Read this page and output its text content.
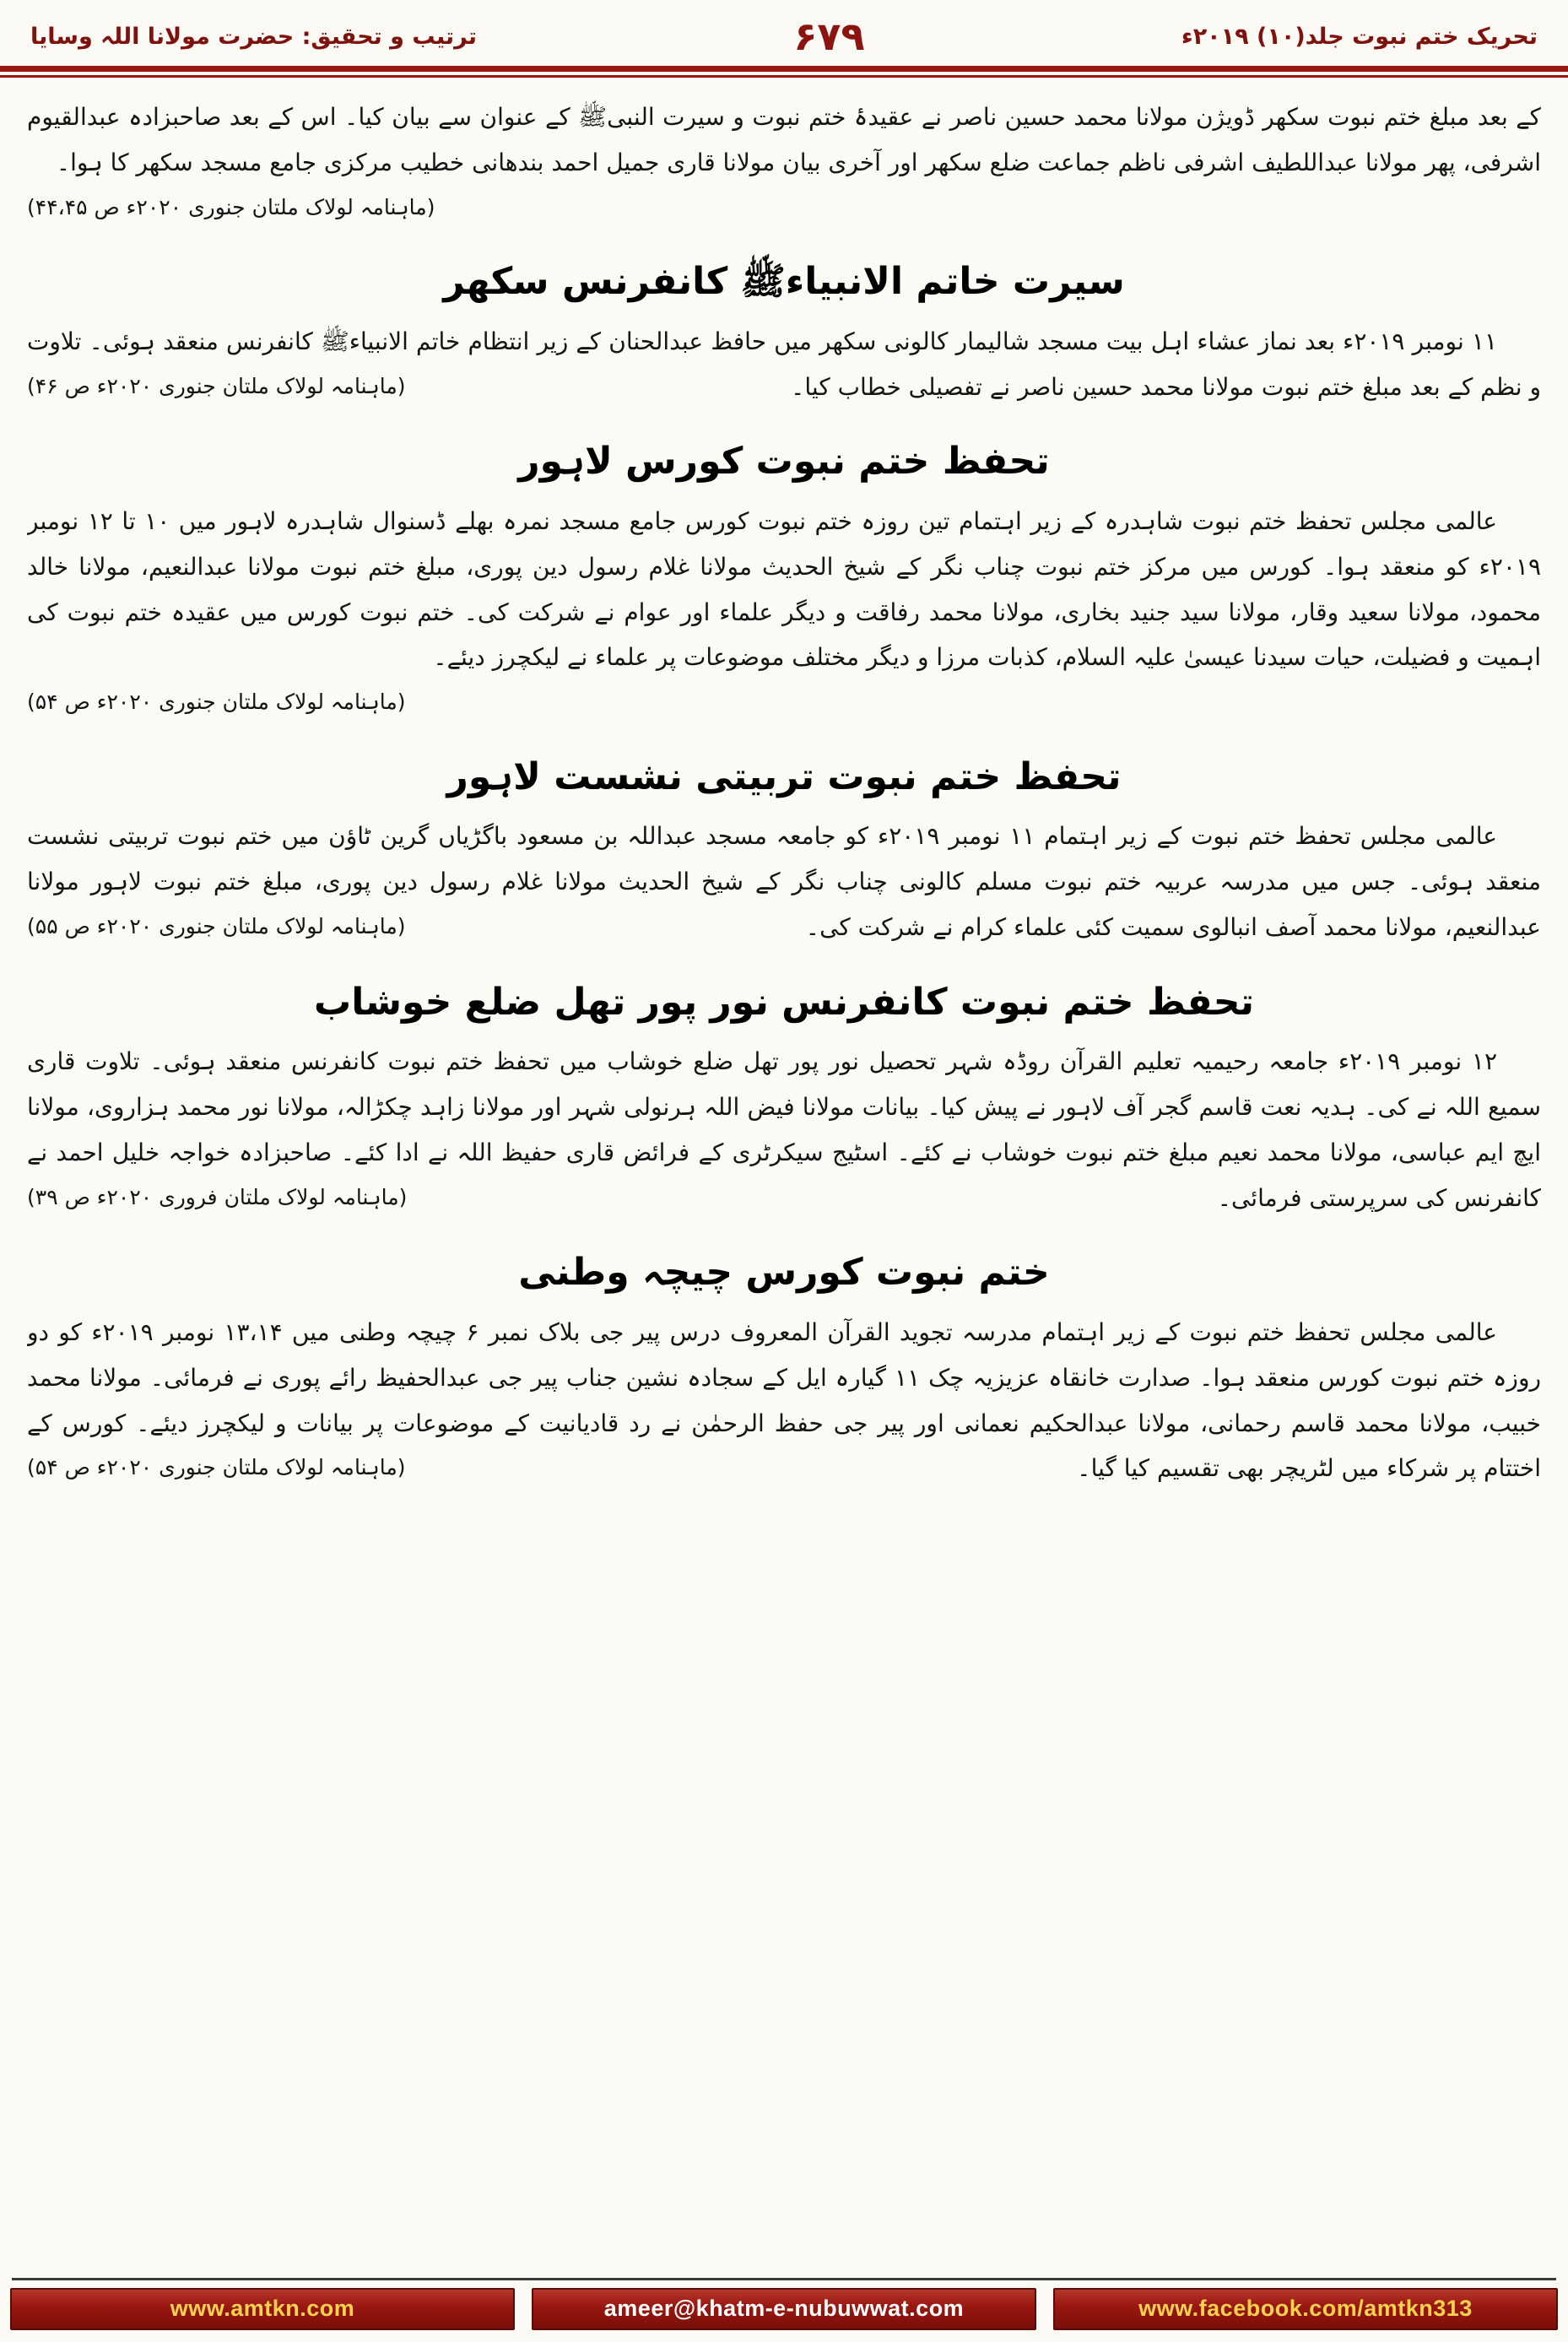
تحریک ختم نبوت جلد(۱۰) ۲۰۱۹ء
۶۷۹
ترتیب و تحقیق: حضرت مولانا اللہ وسایا
کے بعد مبلغ ختم نبوت سکھر ڈویژن مولانا محمد حسین ناصر نے عقیدۂ ختم نبوت و سیرت النبیﷺ کے عنوان سے بیان کیا۔ اس کے بعد صاحبزادہ عبدالقیوم اشرفی، پھر مولانا عبداللطیف اشرفی ناظم جماعت ضلع سکھر اور آخری بیان مولانا قاری جمیل احمد بندھانی خطیب مرکزی جامع مسجد سکھر کا ہوا۔
(ماہنامہ لولاک ملتان جنوری ۲۰۲۰ء ص ۴۴،۴۵)
سیرت خاتم الانبیاءﷺ کانفرنس سکھر
۱۱ نومبر ۲۰۱۹ء بعد نماز عشاء اہل بیت مسجد شالیمار کالونی سکھر میں حافظ عبدالحنان کے زیر انتظام خاتم الانبیاءﷺ کانفرنس منعقد ہوئی۔ تلاوت و نظم کے بعد مبلغ ختم نبوت مولانا محمد حسین ناصر نے تفصیلی خطاب کیا۔
(ماہنامہ لولاک ملتان جنوری ۲۰۲۰ء ص ۴۶)
تحفظ ختم نبوت کورس لاہور
عالمی مجلس تحفظ ختم نبوت شاہدرہ کے زیر اہتمام تین روزہ ختم نبوت کورس جامع مسجد نمرہ بھلے ڈسنوال شاہدرہ لاہور میں ۱۰ تا ۱۲ نومبر ۲۰۱۹ء کو منعقد ہوا۔ کورس میں مرکز ختم نبوت چناب نگر کے شیخ الحدیث مولانا غلام رسول دین پوری، مبلغ ختم نبوت مولانا عبدالنعیم، مولانا خالد محمود، مولانا سعید وقار، مولانا سید جنید بخاری، مولانا محمد رفاقت و دیگر علماء اور عوام نے شرکت کی۔ ختم نبوت کورس میں عقیدہ ختم نبوت کی اہمیت و فضیلت، حیات سیدنا عیسیٰ علیہ السلام، کذبات مرزا و دیگر مختلف موضوعات پر علماء نے لیکچرز دیئے۔
(ماہنامہ لولاک ملتان جنوری ۲۰۲۰ء ص ۵۴)
تحفظ ختم نبوت تربیتی نشست لاہور
عالمی مجلس تحفظ ختم نبوت کے زیر اہتمام ۱۱ نومبر ۲۰۱۹ء کو جامعہ مسجد عبداللہ بن مسعود باگڑیاں گرین ٹاؤن میں ختم نبوت تربیتی نشست منعقد ہوئی۔ جس میں مدرسہ عربیہ ختم نبوت مسلم کالونی چناب نگر کے شیخ الحدیث مولانا غلام رسول دین پوری، مبلغ ختم نبوت لاہور مولانا عبدالنعیم، مولانا محمد آصف انبالوی سمیت کئی علماء کرام نے شرکت کی۔
(ماہنامہ لولاک ملتان جنوری ۲۰۲۰ء ص ۵۵)
تحفظ ختم نبوت کانفرنس نور پور تھل ضلع خوشاب
۱۲ نومبر ۲۰۱۹ء جامعہ رحیمیہ تعلیم القرآن روڈہ شہر تحصیل نور پور تھل ضلع خوشاب میں تحفظ ختم نبوت کانفرنس منعقد ہوئی۔ تلاوت قاری سمیع اللہ نے کی۔ ہدیہ نعت قاسم گجر آف لاہور نے پیش کیا۔ بیانات مولانا فیض اللہ ہرنولی شہر اور مولانا زاہد چکڑالہ، مولانا نور محمد ہزاروی، مولانا ایچ ایم عباسی، مولانا محمد نعیم مبلغ ختم نبوت خوشاب نے کئے۔ اسٹیج سیکرٹری کے فرائض قاری حفیظ اللہ نے ادا کئے۔ صاحبزادہ خواجہ خلیل احمد نے کانفرنس کی سرپرستی فرمائی۔
(ماہنامہ لولاک ملتان فروری ۲۰۲۰ء ص ۳۹)
ختم نبوت کورس چیچہ وطنی
عالمی مجلس تحفظ ختم نبوت کے زیر اہتمام مدرسہ تجوید القرآن المعروف درس پیر جی بلاک نمبر ۶ چیچہ وطنی میں ۱۳،۱۴ نومبر ۲۰۱۹ء کو دو روزہ ختم نبوت کورس منعقد ہوا۔ صدارت خانقاہ عزیزیہ چک ۱۱ گیارہ ایل کے سجادہ نشین جناب پیر جی عبدالحفیظ رائے پوری نے فرمائی۔ مولانا محمد خبیب، مولانا محمد قاسم رحمانی، مولانا عبدالحکیم نعمانی اور پیر جی حفظ الرحمٰن نے رد قادیانیت کے موضوعات پر بیانات و لیکچرز دیئے۔ کورس کے اختتام پر شرکاء میں لٹریچر بھی تقسیم کیا گیا۔
(ماہنامہ لولاک ملتان جنوری ۲۰۲۰ء ص ۵۴)
www.amtkn.com	ameer@khatm-e-nubuwwat.com	www.facebook.com/amtkn313
